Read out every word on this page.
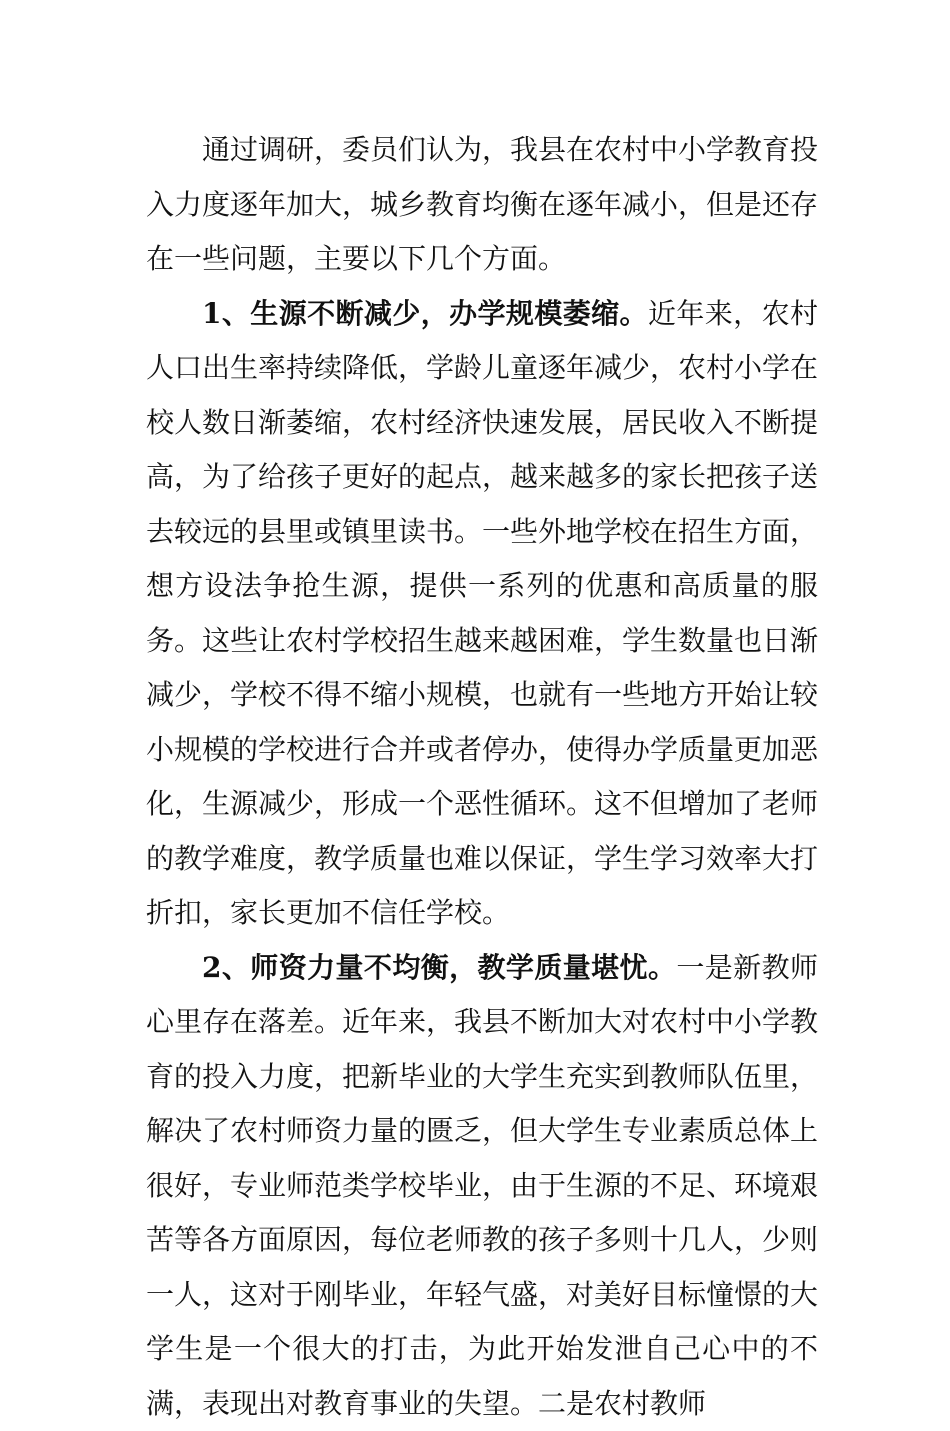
通过调研，委员们认为，我县在农村中小学教育投入力度逐年加大，城乡教育均衡在逐年减小，但是还存在一些问题，主要以下几个方面。

1、生源不断减少，办学规模萎缩。近年来，农村人口出生率持续降低，学龄儿童逐年减少，农村小学在校人数日渐萎缩，农村经济快速发展，居民收入不断提高，为了给孩子更好的起点，越来越多的家长把孩子送去较远的县里或镇里读书。一些外地学校在招生方面，想方设法争抢生源，提供一系列的优惠和高质量的服务。这些让农村学校招生越来越困难，学生数量也日渐减少，学校不得不缩小规模，也就有一些地方开始让较小规模的学校进行合并或者停办，使得办学质量更加恶化，生源减少，形成一个恶性循环。这不但增加了老师的教学难度，教学质量也难以保证，学生学习效率大打折扣，家长更加不信任学校。

2、师资力量不均衡，教学质量堪忧。一是新教师心里存在落差。近年来，我县不断加大对农村中小学教育的投入力度，把新毕业的大学生充实到教师队伍里，解决了农村师资力量的匮乏，但大学生专业素质总体上很好，专业师范类学校毕业，由于生源的不足、环境艰苦等各方面原因，每位老师教的孩子多则十几人，少则一人，这对于刚毕业，年轻气盛，对美好目标憧憬的大学生是一个很大的打击，为此开始发泄自己心中的不满，表现出对教育事业的失望。二是农村教师
